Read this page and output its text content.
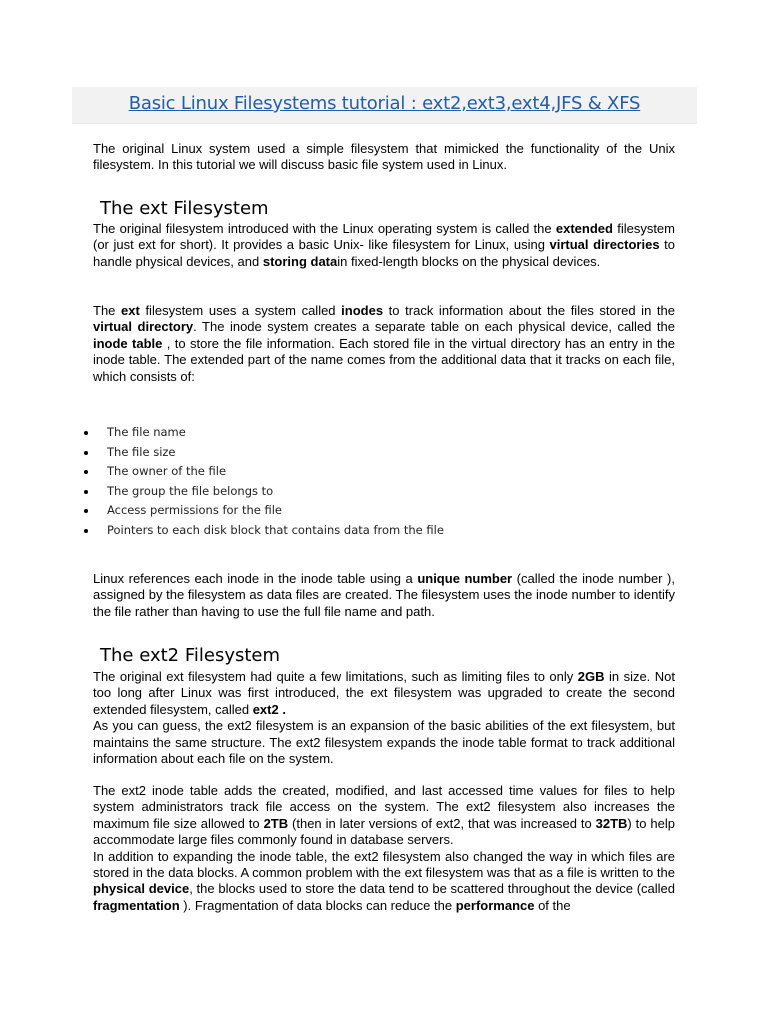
Basic Linux Filesystems tutorial : ext2,ext3,ext4,JFS & XFS

The original Linux system used a simple filesystem that mimicked the functionality of the Unix filesystem. In this tutorial we will discuss basic file system used in Linux.

The ext Filesystem

The original filesystem introduced with the Linux operating system is called the extended filesystem (or just ext for short). It provides a basic Unix- like filesystem for Linux, using virtual directories to handle physical devices, and storing datain fixed-length blocks on the physical devices.

The ext filesystem uses a system called inodes to track information about the files stored in the virtual directory. The inode system creates a separate table on each physical device, called the inode table , to store the file information. Each stored file in the virtual directory has an entry in the inode table. The extended part of the name comes from the additional data that it tracks on each file, which consists of:

The file name
The file size
The owner of the file
The group the file belongs to
Access permissions for the file
Pointers to each disk block that contains data from the file

Linux references each inode in the inode table using a unique number (called the inode number ), assigned by the filesystem as data files are created. The filesystem uses the inode number to identify the file rather than having to use the full file name and path.

The ext2 Filesystem

The original ext filesystem had quite a few limitations, such as limiting files to only 2GB in size. Not too long after Linux was first introduced, the ext filesystem was upgraded to create the second extended filesystem, called ext2 .
As you can guess, the ext2 filesystem is an expansion of the basic abilities of the ext filesystem, but maintains the same structure. The ext2 filesystem expands the inode table format to track additional information about each file on the system.

The ext2 inode table adds the created, modified, and last accessed time values for files to help system administrators track file access on the system. The ext2 filesystem also increases the maximum file size allowed to 2TB (then in later versions of ext2, that was increased to 32TB) to help accommodate large files commonly found in database servers.
In addition to expanding the inode table, the ext2 filesystem also changed the way in which files are stored in the data blocks. A common problem with the ext filesystem was that as a file is written to the physical device, the blocks used to store the data tend to be scattered throughout the device (called fragmentation ). Fragmentation of data blocks can reduce the performance of the
